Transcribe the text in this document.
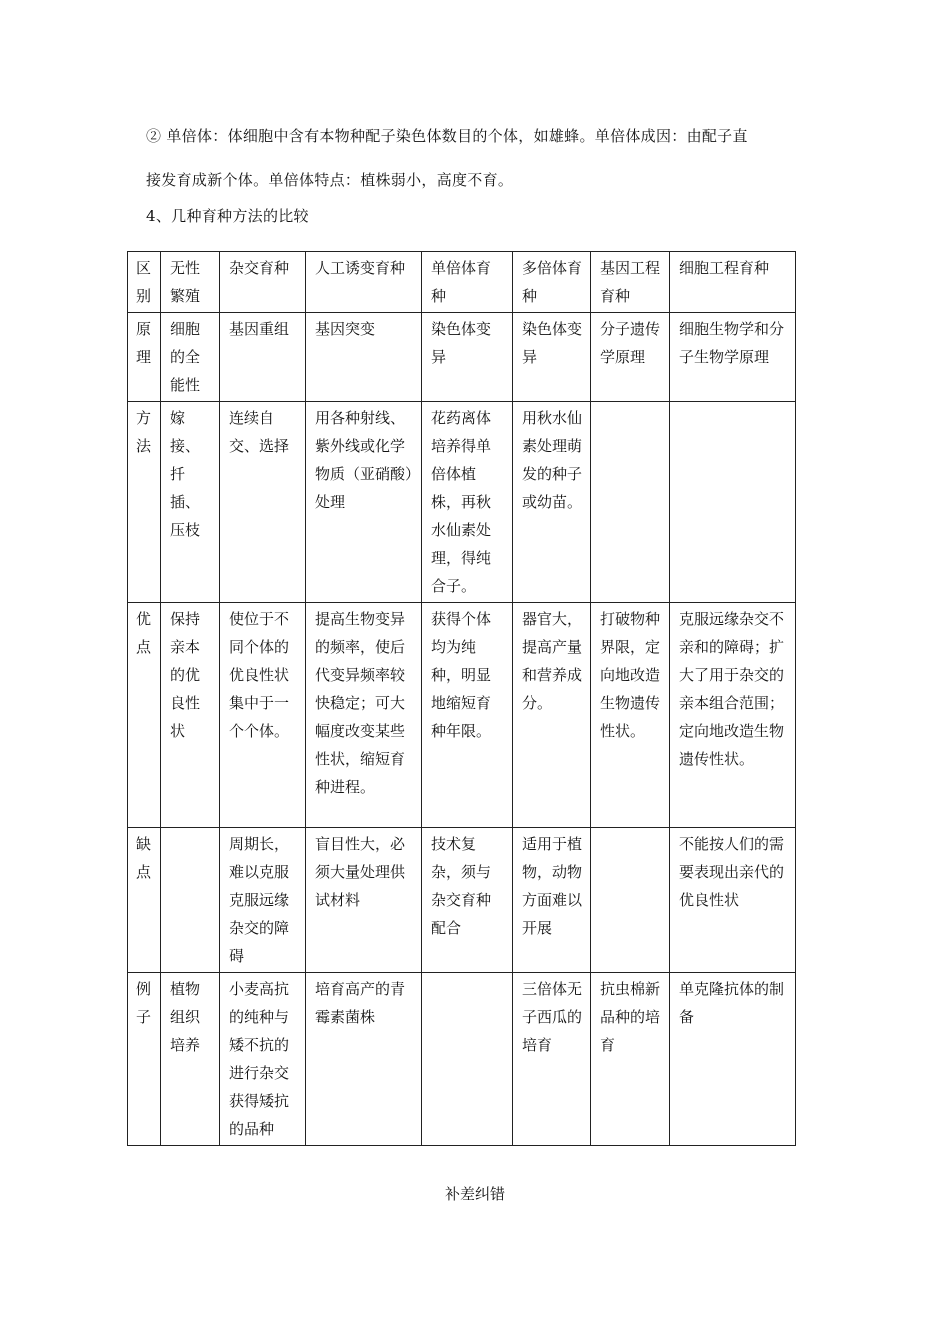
② 单倍体：体细胞中含有本物种配子染色体数目的个体，如雄蜂。单倍体成因：由配子直
接发育成新个体。单倍体特点：植株弱小，高度不育。
4、几种育种方法的比较
区别	无性繁殖	杂交育种	人工诱变育种	单倍体育种	多倍体育种	基因工程育种	细胞工程育种
原理	细胞的全能性	基因重组	基因突变	染色体变异	染色体变异	分子遗传学原理	细胞生物学和分子生物学原理
方法	嫁接、扦插、压枝	连续自交、选择	用各种射线、紫外线或化学物质（亚硝酸）处理	花药离体培养得单倍体植株，再秋水仙素处理，得纯合子。	用秋水仙素处理萌发的种子或幼苗。		
优点	保持亲本的优良性状	使位于不同个体的优良性状集中于一个个体。	提高生物变异的频率，使后代变异频率较快稳定；可大幅度改变某些性状，缩短育种进程。	获得个体均为纯种，明显地缩短育种年限。	器官大，提高产量和营养成分。	打破物种界限，定向地改造生物遗传性状。	克服远缘杂交不亲和的障碍；扩大了用于杂交的亲本组合范围；定向地改造生物遗传性状。
缺点		周期长，难以克服克服远缘杂交的障碍	盲目性大，必须大量处理供试材料	技术复杂，须与杂交育种配合	适用于植物，动物方面难以开展		不能按人们的需要表现出亲代的优良性状
例子	植物组织培养	小麦高抗的纯种与矮不抗的进行杂交获得矮抗的品种	培育高产的青霉素菌株		三倍体无子西瓜的培育	抗虫棉新品种的培育	单克隆抗体的制备
补差纠错
